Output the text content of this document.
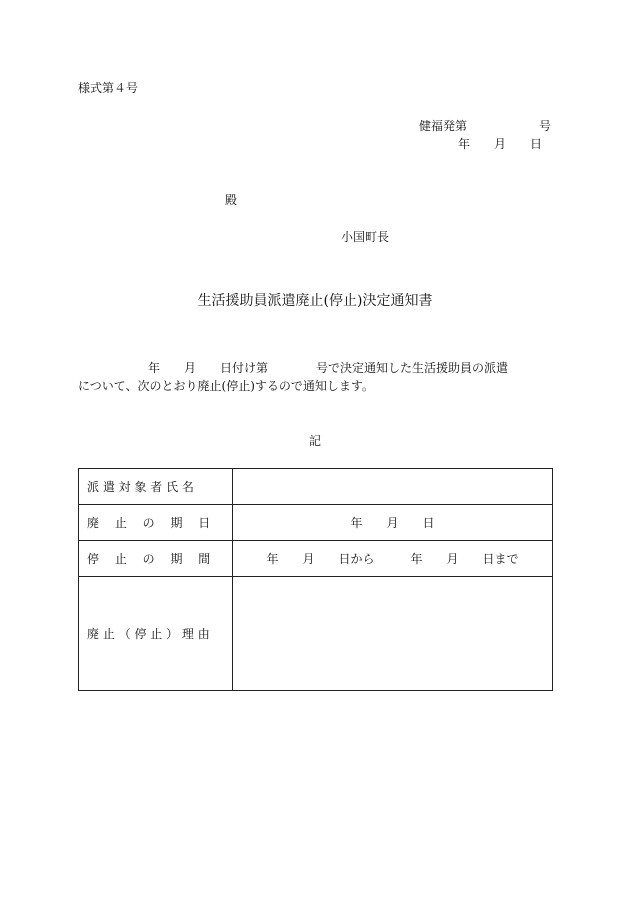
様式第４号
健福発第	号
年　　月　　日
殿
小国町長
生活援助員派遣廃止(停止)決定通知書
年　　月　　日付け第　　　　号で決定通知した生活援助員の派遣
について、次のとおり廃止(停止)するので通知します。
記
派 遣 対 象 者 氏 名	
廃　 止　 の　 期　 日	年　　月　　日
停　 止　 の　 期　 間	年　　月　　日から　　　年　　月　　日まで
廃 止 （ 停 止 ） 理 由	
